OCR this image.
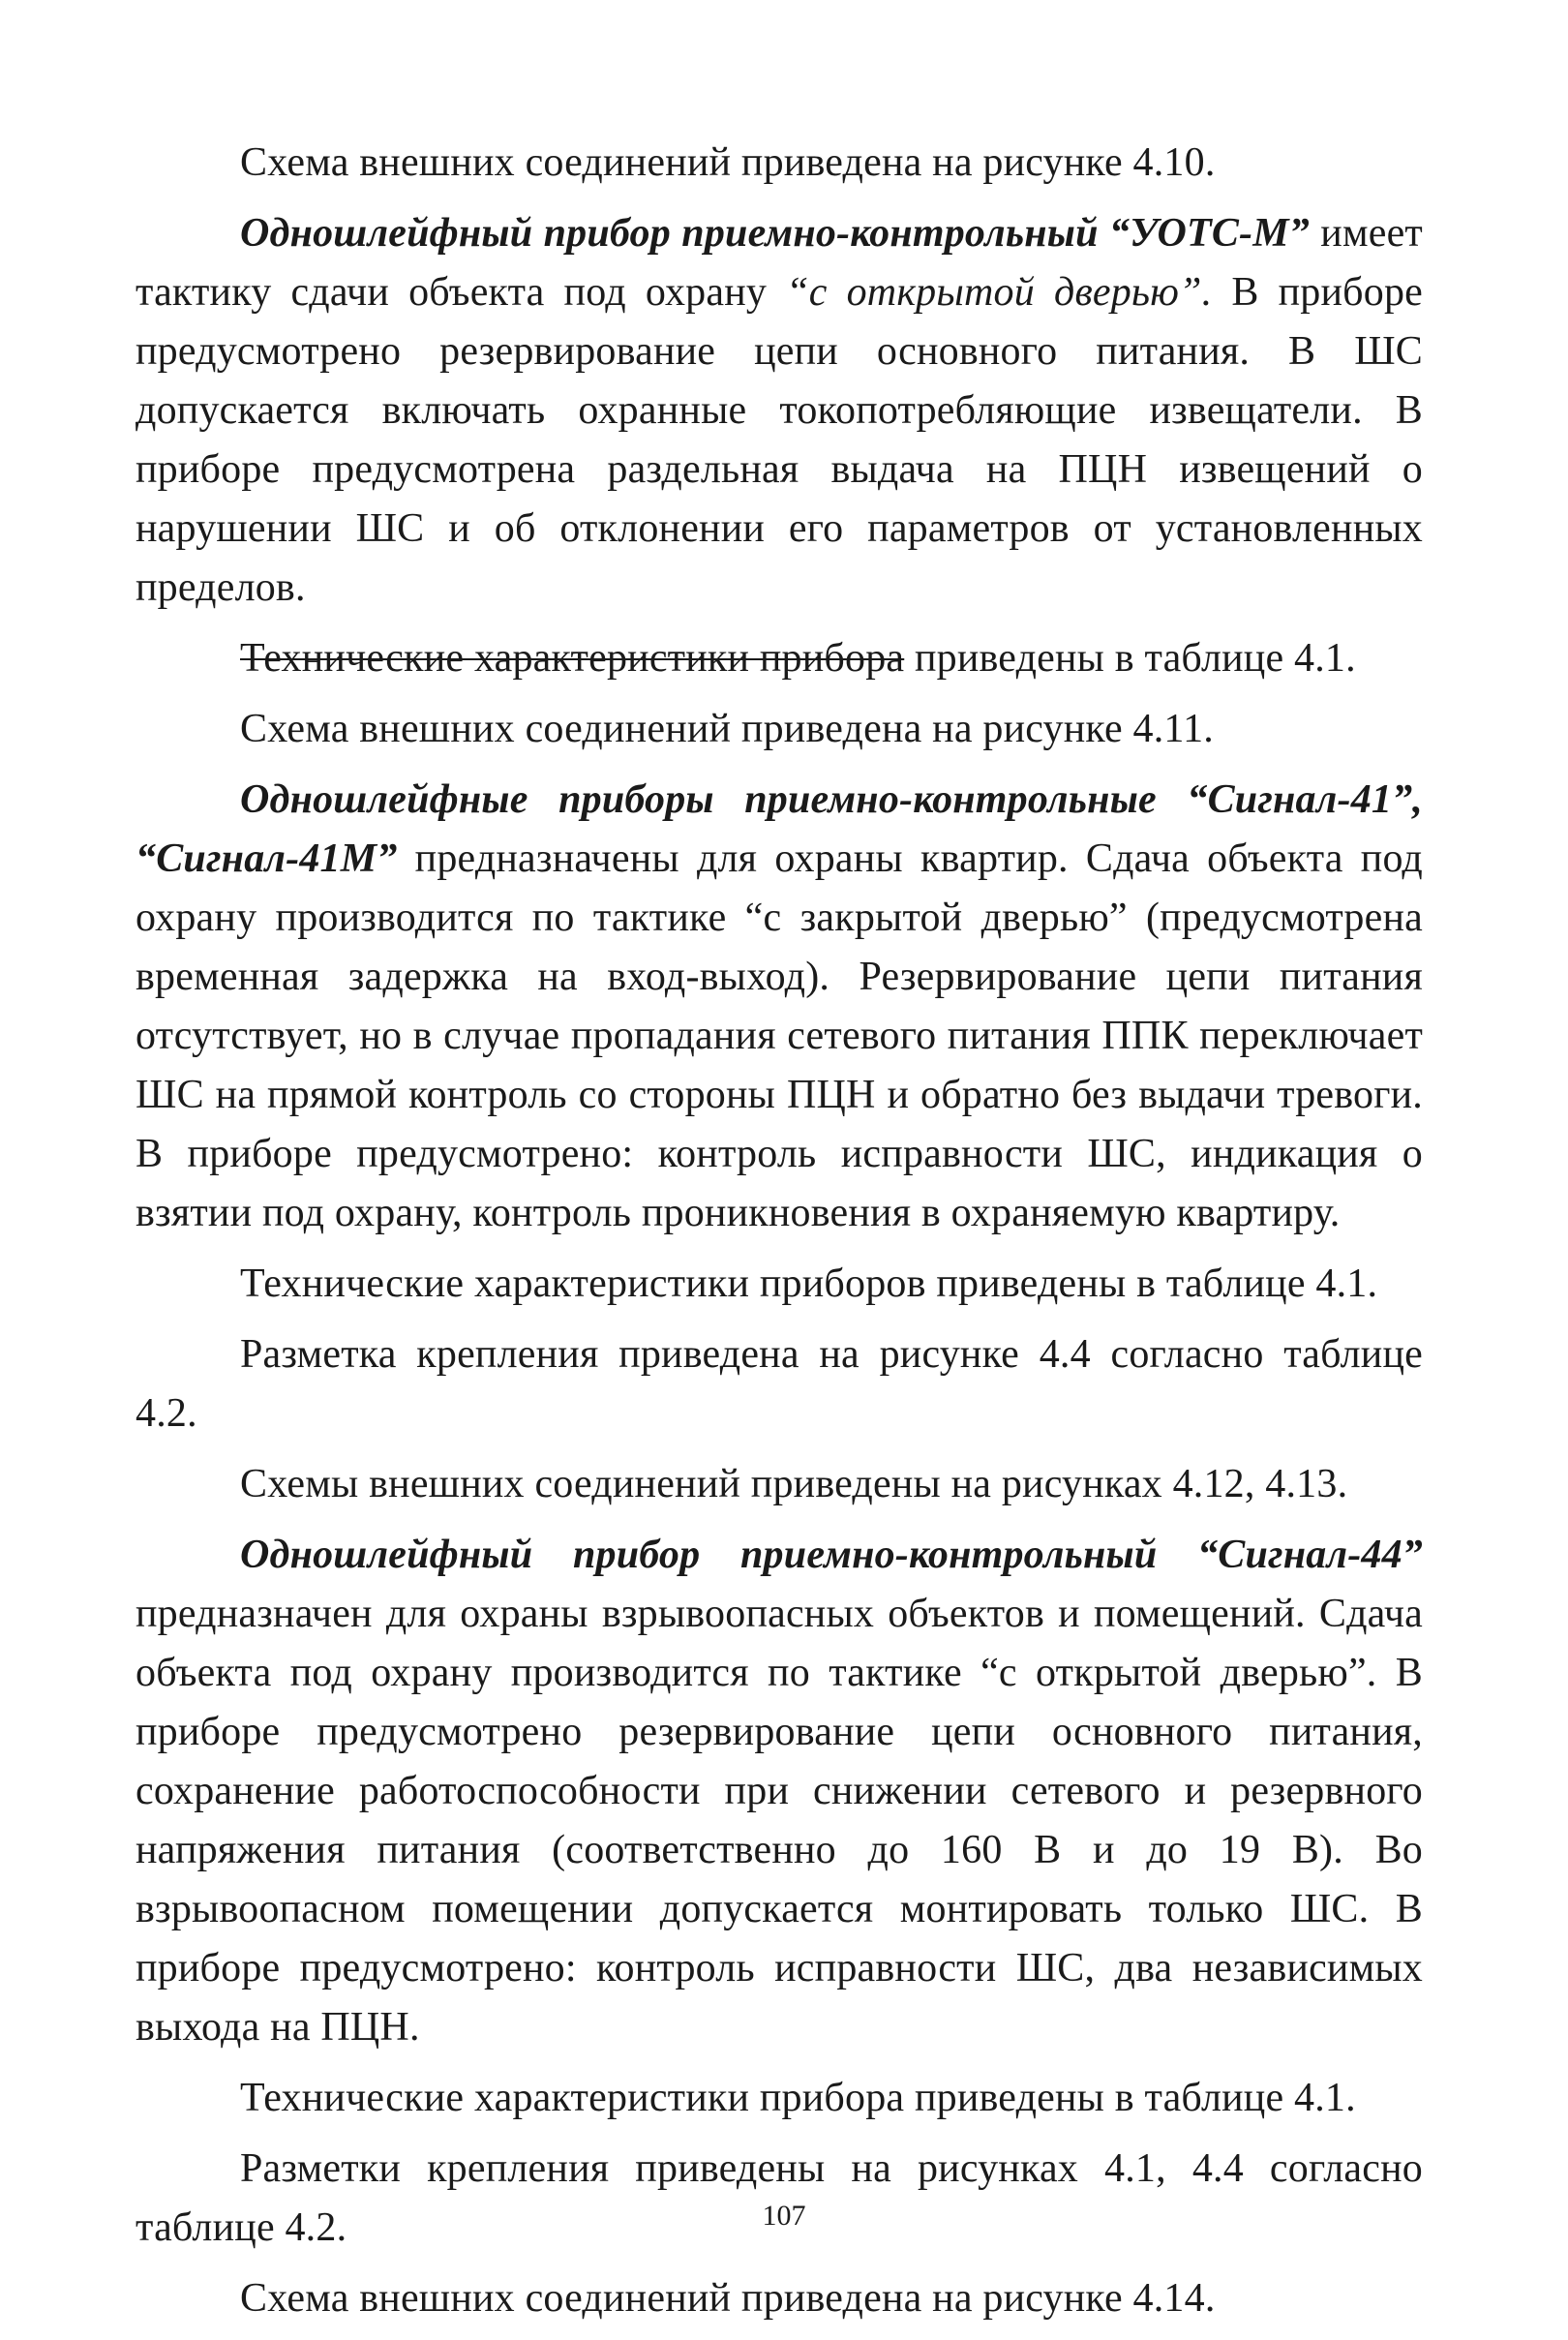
Схема внешних соединений приведена на рисунке 4.10.

Одношлейфный прибор приемно-контрольный “УОТС-М” имеет тактику сдачи объекта под охрану “с открытой дверью”. В приборе предусмотрено резервирование цепи основного питания. В ШС допускается включать охранные токопотребляющие извещатели. В приборе предусмотрена раздельная выдача на ПЦН извещений о нарушении ШС и об отклонении его параметров от установленных пределов.

Технические характеристики прибора приведены в таблице 4.1.

Схема внешних соединений приведена на рисунке 4.11.

Одношлейфные приборы приемно-контрольные “Сигнал-41”, “Сигнал-41М” предназначены для охраны квартир. Сдача объекта под охрану производится по тактике “с закрытой дверью” (предусмотрена временная задержка на вход-выход). Резервирование цепи питания отсутствует, но в случае пропадания сетевого питания ППК переключает ШС на прямой контроль со стороны ПЦН и обратно без выдачи тревоги. В приборе предусмотрено: контроль исправности ШС, индикация о взятии под охрану, контроль проникновения в охраняемую квартиру.

Технические характеристики приборов приведены в таблице 4.1.

Разметка крепления приведена на рисунке 4.4 согласно таблице 4.2.

Схемы внешних соединений приведены на рисунках 4.12, 4.13.

Одношлейфный прибор приемно-контрольный “Сигнал-44” предназначен для охраны взрывоопасных объектов и помещений. Сдача объекта под охрану производится по тактике “с открытой дверью”. В приборе предусмотрено резервирование цепи основного питания, сохранение работоспособности при снижении сетевого и резервного напряжения питания (соответственно до 160 В и до 19 В). Во взрывоопасном помещении допускается монтировать только ШС. В приборе предусмотрено: контроль исправности ШС, два независимых выхода на ПЦН.

Технические характеристики прибора приведены в таблице 4.1.

Разметки крепления приведены на рисунках 4.1, 4.4 согласно таблице 4.2.

Схема внешних соединений приведена на рисунке 4.14.

107
